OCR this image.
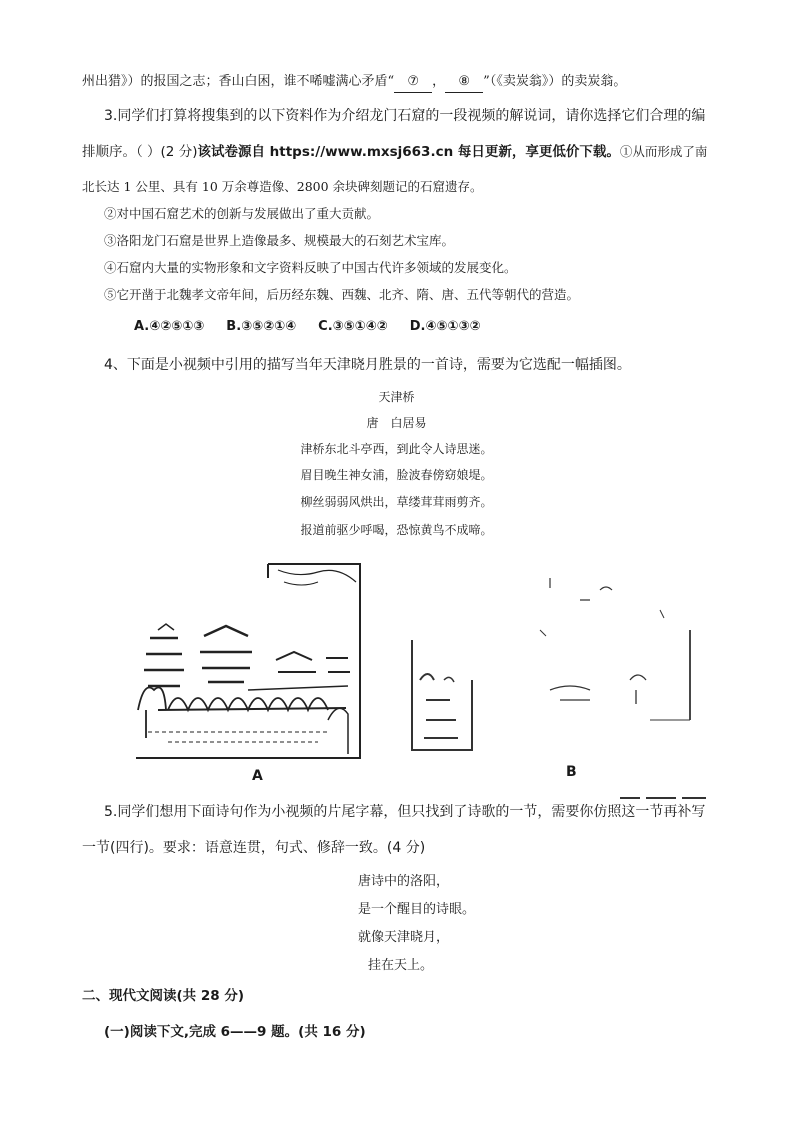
州出猎》）的报国之志；香山白困，谁不唏嘘满心矛盾“ ⑦ ， ⑧ ”（《卖炭翁》）的卖炭翁。
3.同学们打算将搜集到的以下资料作为介绍龙门石窟的一段视频的解说词，请你选择它们合理的编
排顺序。（ ）(2 分)该试卷源自 https://www.mxsj663.cn 每日更新，享更低价下载。①从而形成了南
北长达 1 公里、具有 10 万余尊造像、2800 余块碑刻题记的石窟遗存。
②对中国石窟艺术的创新与发展做出了重大贡献。
③洛阳龙门石窟是世界上造像最多、规模最大的石刻艺术宝库。
④石窟内大量的实物形象和文字资料反映了中国古代许多领域的发展变化。
⑤它开凿于北魏孝文帝年间，后历经东魏、西魏、北齐、隋、唐、五代等朝代的营造。
A.④②⑤①③ B.③⑤②①④ C.③⑤①④② D.④⑤①③②
4、下面是小视频中引用的描写当年天津晓月胜景的一首诗，需要为它选配一幅插图。
天津桥
唐　白居易
津桥东北斗亭西，到此令人诗思迷。
眉目晚生神女浦，脸波春傍窈娘堤。
柳丝弱弱风烘出，草缕茸茸雨剪齐。
报道前驱少呼喝，恐惊黄鸟不成啼。
A	B
5.同学们想用下面诗句作为小视频的片尾字幕，但只找到了诗歌的一节，需要你仿照这一节再补写
一节(四行)。要求：语意连贯，句式、修辞一致。(4 分)
唐诗中的洛阳，
是一个醒目的诗眼。
就像天津晓月，
挂在天上。
二、现代文阅读(共 28 分)
(一)阅读下文,完成 6——9 题。(共 16 分)
